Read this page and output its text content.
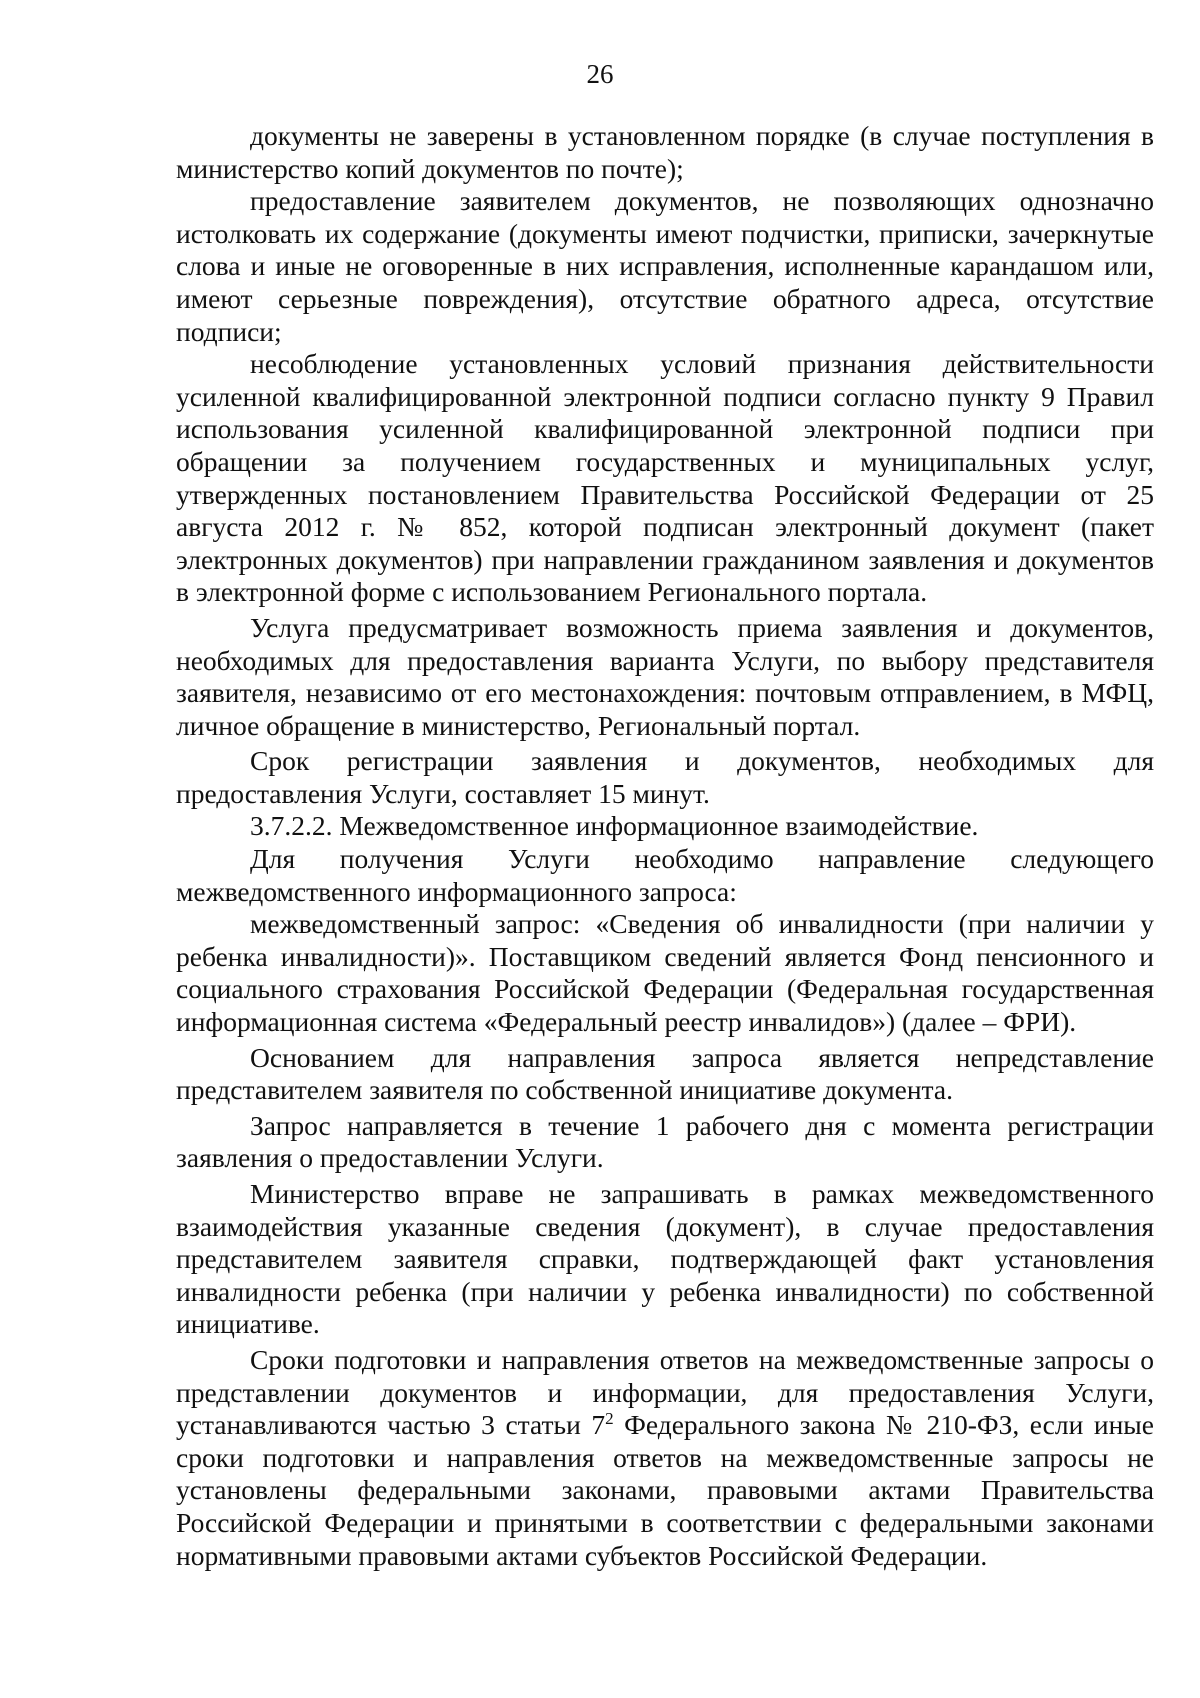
26

документы не заверены в установленном порядке (в случае поступления в министерство копий документов по почте);

предоставление заявителем документов, не позволяющих однозначно истолковать их содержание (документы имеют подчистки, приписки, зачеркнутые слова и иные не оговоренные в них исправления, исполненные карандашом или, имеют серьезные повреждения), отсутствие обратного адреса, отсутствие подписи;

несоблюдение установленных условий признания действительности усиленной квалифицированной электронной подписи согласно пункту 9 Правил использования усиленной квалифицированной электронной подписи при обращении за получением государственных и муниципальных услуг, утвержденных постановлением Правительства Российской Федерации от 25 августа 2012 г. № 852, которой подписан электронный документ (пакет электронных документов) при направлении гражданином заявления и документов в электронной форме с использованием Регионального портала.

Услуга предусматривает возможность приема заявления и документов, необходимых для предоставления варианта Услуги, по выбору представителя заявителя, независимо от его местонахождения: почтовым отправлением, в МФЦ, личное обращение в министерство, Региональный портал.

Срок регистрации заявления и документов, необходимых для предоставления Услуги, составляет 15 минут.

3.7.2.2. Межведомственное информационное взаимодействие.

Для получения Услуги необходимо направление следующего межведомственного информационного запроса:

межведомственный запрос: «Сведения об инвалидности (при наличии у ребенка инвалидности)». Поставщиком сведений является Фонд пенсионного и социального страхования Российской Федерации (Федеральная государственная информационная система «Федеральный реестр инвалидов») (далее – ФРИ).

Основанием для направления запроса является непредставление представителем заявителя по собственной инициативе документа.

Запрос направляется в течение 1 рабочего дня с момента регистрации заявления о предоставлении Услуги.

Министерство вправе не запрашивать в рамках межведомственного взаимодействия указанные сведения (документ), в случае предоставления представителем заявителя справки, подтверждающей факт установления инвалидности ребенка (при наличии у ребенка инвалидности) по собственной инициативе.

Сроки подготовки и направления ответов на межведомственные запросы о представлении документов и информации, для предоставления Услуги, устанавливаются частью 3 статьи $7^2$ Федерального закона № 210-ФЗ, если иные сроки подготовки и направления ответов на межведомственные запросы не установлены федеральными законами, правовыми актами Правительства Российской Федерации и принятыми в соответствии с федеральными законами нормативными правовыми актами субъектов Российской Федерации.
